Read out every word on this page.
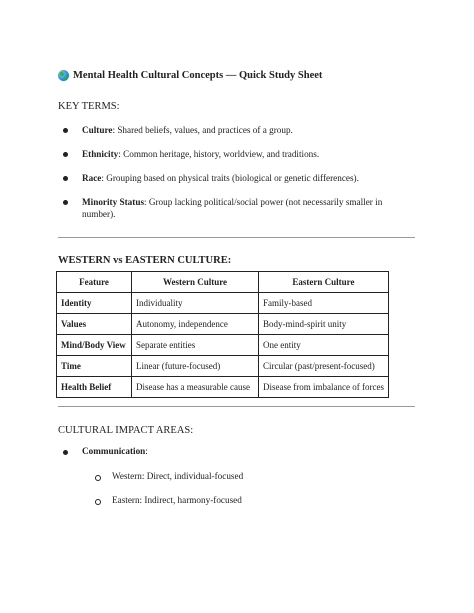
Mental Health Cultural Concepts — Quick Study Sheet
KEY TERMS:
Culture: Shared beliefs, values, and practices of a group.
Ethnicity: Common heritage, history, worldview, and traditions.
Race: Grouping based on physical traits (biological or genetic differences).
Minority Status: Group lacking political/social power (not necessarily smaller in number).
WESTERN vs EASTERN CULTURE:
Feature	Western Culture	Eastern Culture
Identity	Individuality	Family-based
Values	Autonomy, independence	Body-mind-spirit unity
Mind/Body View	Separate entities	One entity
Time	Linear (future-focused)	Circular (past/present-focused)
Health Belief	Disease has a measurable cause	Disease from imbalance of forces
CULTURAL IMPACT AREAS:
Communication:
Western: Direct, individual-focused
Eastern: Indirect, harmony-focused
